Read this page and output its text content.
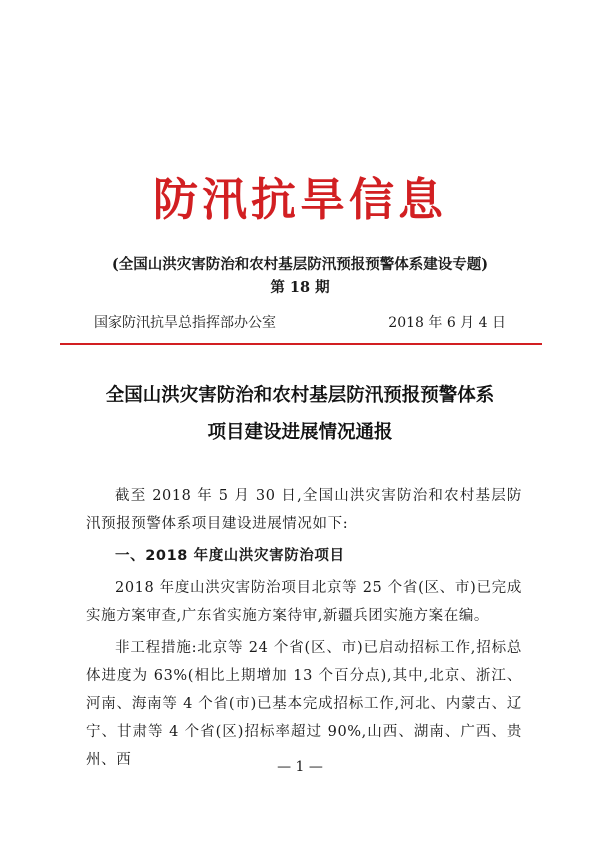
防汛抗旱信息
(全国山洪灾害防治和农村基层防汛预报预警体系建设专题)
第 18 期
国家防汛抗旱总指挥部办公室	2018 年 6 月 4 日
全国山洪灾害防治和农村基层防汛预报预警体系
项目建设进展情况通报

截至 2018 年 5 月 30 日,全国山洪灾害防治和农村基层防汛预报预警体系项目建设进展情况如下:

一、2018 年度山洪灾害防治项目

2018 年度山洪灾害防治项目北京等 25 个省(区、市)已完成实施方案审查,广东省实施方案待审,新疆兵团实施方案在编。

非工程措施:北京等 24 个省(区、市)已启动招标工作,招标总体进度为 63%(相比上期增加 13 个百分点),其中,北京、浙江、河南、海南等 4 个省(市)已基本完成招标工作,河北、内蒙古、辽宁、甘肃等 4 个省(区)招标率超过 90%,山西、湖南、广西、贵州、西	— 1 —
